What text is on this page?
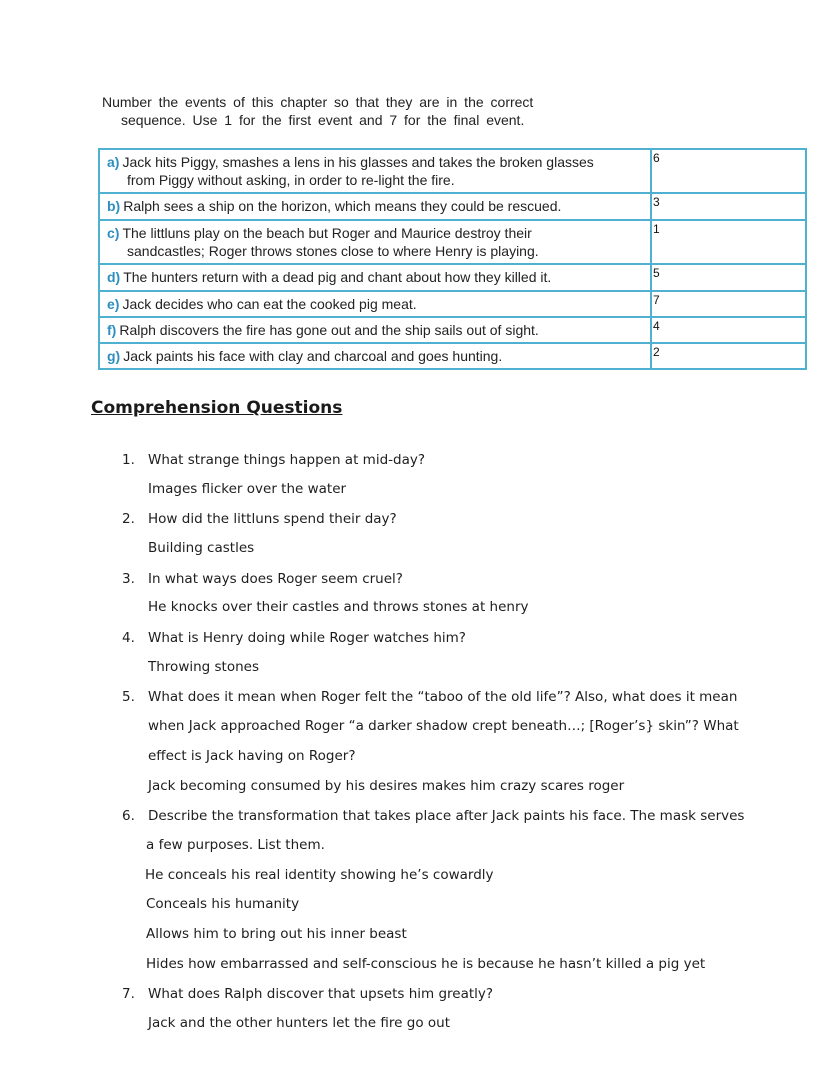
Number the events of this chapter so that they are in the correct
sequence. Use 1 for the first event and 7 for the final event.
a) Jack hits Piggy, smashes a lens in his glasses and takes the broken glasses
from Piggy without asking, in order to re-light the fire.	6
b) Ralph sees a ship on the horizon, which means they could be rescued.	3
c) The littluns play on the beach but Roger and Maurice destroy their
sandcastles; Roger throws stones close to where Henry is playing.	1
d) The hunters return with a dead pig and chant about how they killed it.	5
e) Jack decides who can eat the cooked pig meat.	7
f) Ralph discovers the fire has gone out and the ship sails out of sight.	4
g) Jack paints his face with clay and charcoal and goes hunting.	2
Comprehension Questions
1. What strange things happen at mid-day?
Images flicker over the water
2. How did the littluns spend their day?
Building castles
3. In what ways does Roger seem cruel?
He knocks over their castles and throws stones at henry
4. What is Henry doing while Roger watches him?
Throwing stones
5. What does it mean when Roger felt the “taboo of the old life”? Also, what does it mean
when Jack approached Roger “a darker shadow crept beneath…; [Roger’s} skin”? What
effect is Jack having on Roger?
Jack becoming consumed by his desires makes him crazy scares roger
6. Describe the transformation that takes place after Jack paints his face. The mask serves
a few purposes. List them.
He conceals his real identity showing he’s cowardly
Conceals his humanity
Allows him to bring out his inner beast
Hides how embarrassed and self-conscious he is because he hasn’t killed a pig yet
7. What does Ralph discover that upsets him greatly?
Jack and the other hunters let the fire go out
